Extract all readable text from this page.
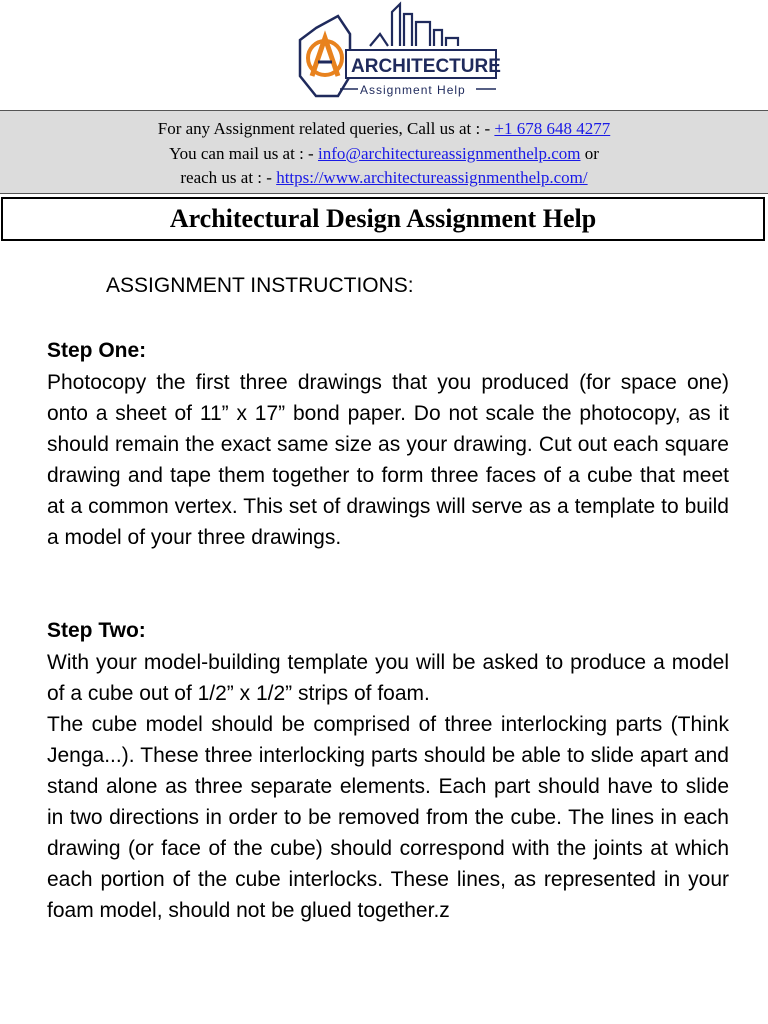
ARCHITECTURE
Assignment Help
For any Assignment related queries, Call us at : - +1 678 648 4277
You can mail us at : - info@architectureassignmenthelp.com or
reach us at : - https://www.architectureassignmenthelp.com/
Architectural Design Assignment Help
ASSIGNMENT INSTRUCTIONS:
Step One:

Photocopy the first three drawings that you produced (for space one) onto a sheet of 11” x 17” bond paper. Do not scale the photocopy, as it should remain the exact same size as your drawing. Cut out each square drawing and tape them together to form three faces of a cube that meet at a common vertex. This set of drawings will serve as a template to build a model of your three drawings.

Step Two:

With your model-building template you will be asked to produce a model of a cube out of 1/2” x 1/2” strips of foam.

The cube model should be comprised of three interlocking parts (Think Jenga...). These three interlocking parts should be able to slide apart and stand alone as three separate elements. Each part should have to slide in two directions in order to be removed from the cube. The lines in each drawing (or face of the cube) should correspond with the joints at which each portion of the cube interlocks. These lines, as represented in your foam model, should not be glued together.z
